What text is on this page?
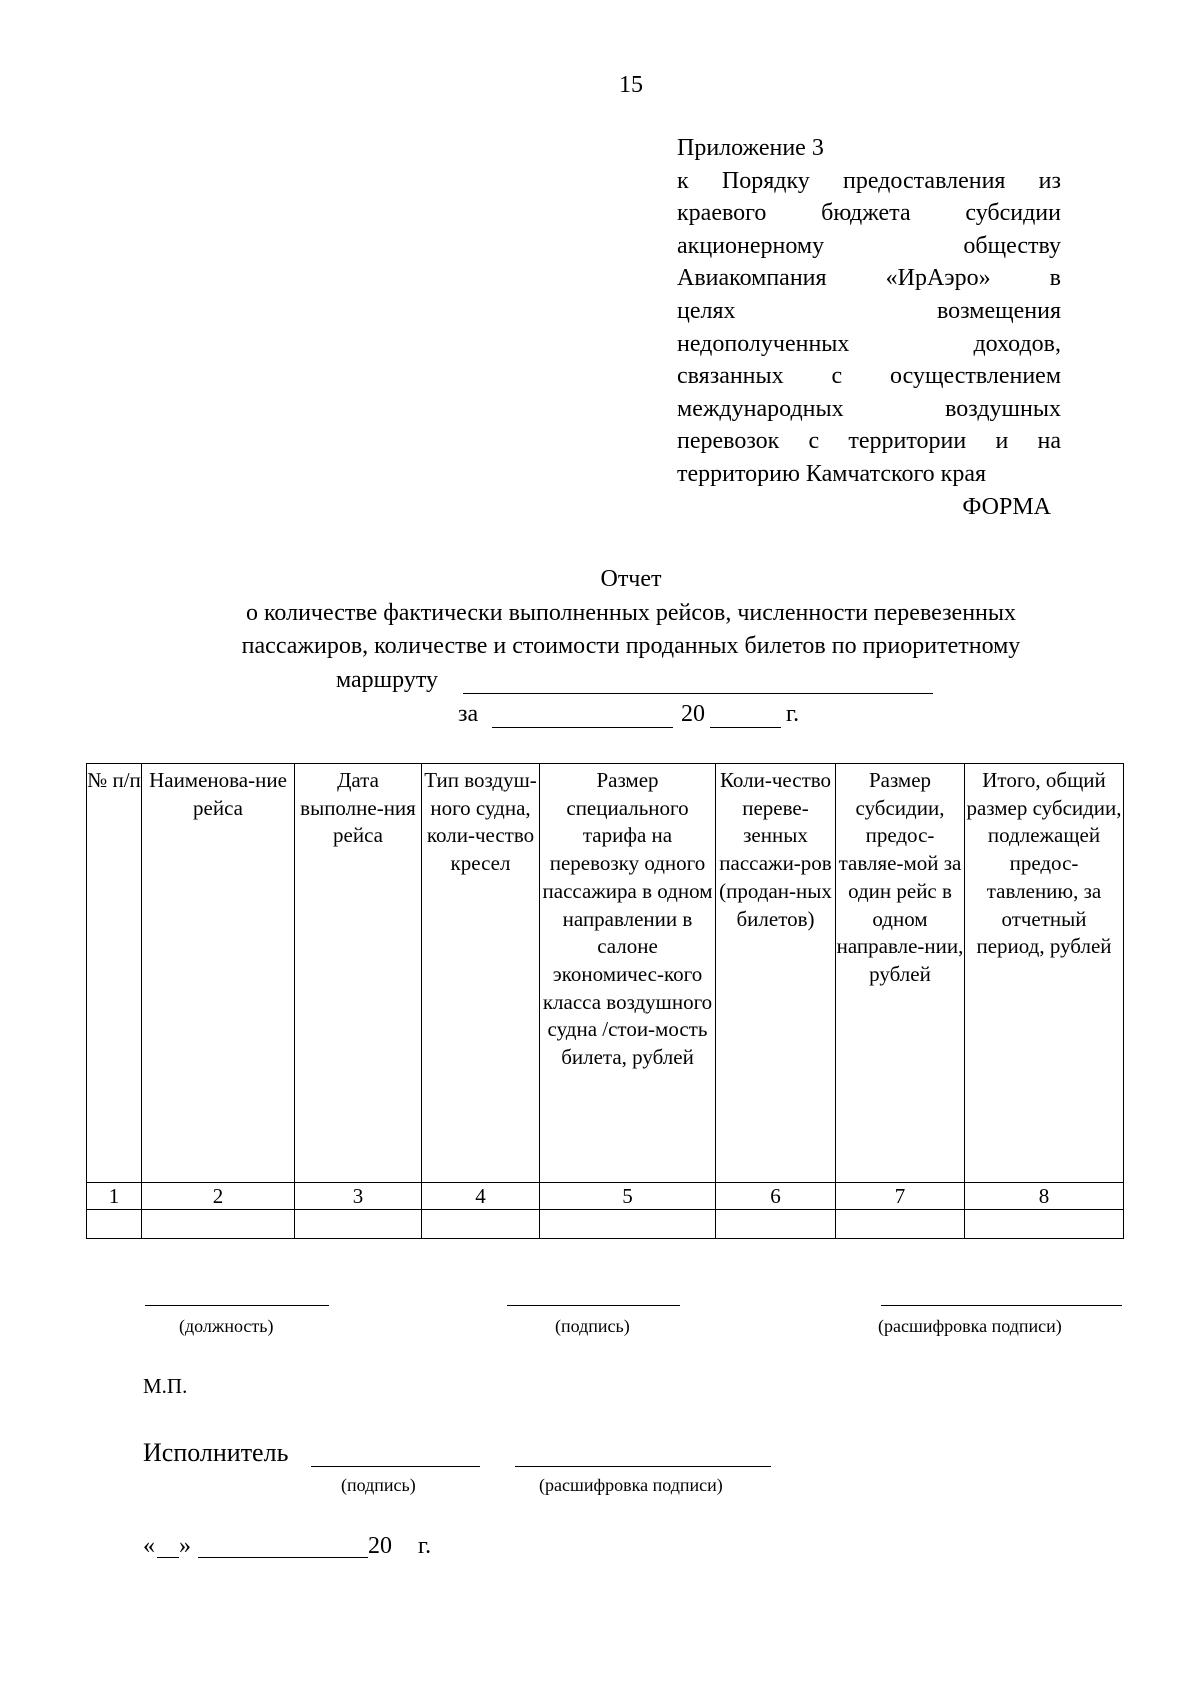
15
Приложение 3
к Порядку предоставления из
краевого бюджета субсидии
акционерному обществу
Авиакомпания «ИрАэро» в
целях возмещения
недополученных доходов,
связанных с осуществлением
международных воздушных
перевозок с территории и на
территорию Камчатского края
ФОРМА
Отчет
о количестве фактически выполненных рейсов, численности перевезенных
пассажиров, количестве и стоимости проданных билетов по приоритетному
маршруту
за	20	г.
№ п/п	Наименова-ние рейса	Дата выполне-ния рейса	Тип воздуш-ного судна, коли-чество кресел	Размер специального тарифа на перевозку одного пассажира в одном направлении в салоне экономичес-кого класса воздушного судна /стои-мость билета, рублей	Коли-чество переве-зенных пассажи-ров (продан-ных билетов)	Размер субсидии, предос-тавляе-мой за один рейс в одном направле-нии, рублей	Итого, общий размер субсидии, подлежащей предос-тавлению, за отчетный период, рублей
1	2	3	4	5	6	7	8

(должность)	(подпись)	(расшифровка подписи)
М.П.
Исполнитель
(подпись)	(расшифровка подписи)
« »	20 г.
